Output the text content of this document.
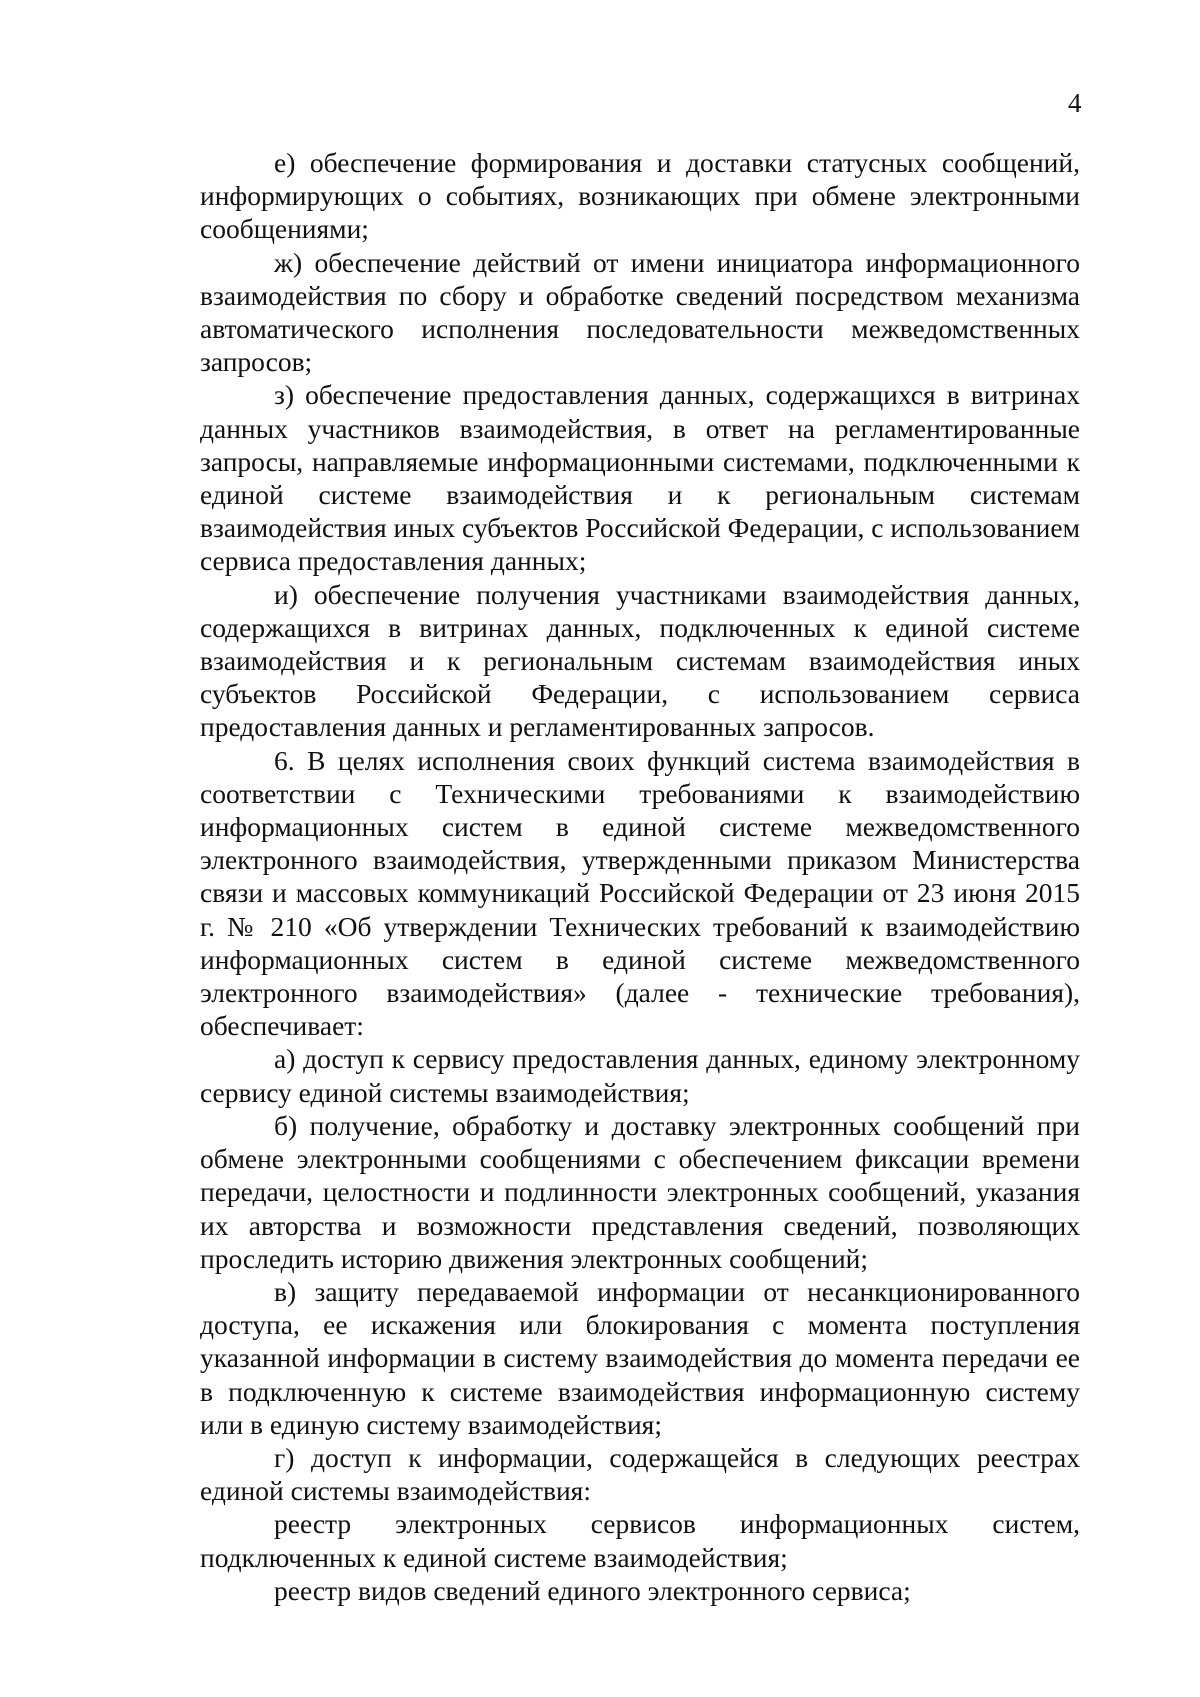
4

е) обеспечение формирования и доставки статусных сообщений, информирующих о событиях, возникающих при обмене электронными сообщениями;

ж) обеспечение действий от имени инициатора информационного взаимодействия по сбору и обработке сведений посредством механизма автоматического исполнения последовательности межведомственных запросов;

з) обеспечение предоставления данных, содержащихся в витринах данных участников взаимодействия, в ответ на регламентированные запросы, направляемые информационными системами, подключенными к единой системе взаимодействия и к региональным системам взаимодействия иных субъектов Российской Федерации, с использованием сервиса предоставления данных;

и) обеспечение получения участниками взаимодействия данных, содержащихся в витринах данных, подключенных к единой системе взаимодействия и к региональным системам взаимодействия иных субъектов Российской Федерации, с использованием сервиса предоставления данных и регламентированных запросов.

6. В целях исполнения своих функций система взаимодействия в соответствии с Техническими требованиями к взаимодействию информационных систем в единой системе межведомственного электронного взаимодействия, утвержденными приказом Министерства связи и массовых коммуникаций Российской Федерации от 23 июня 2015 г. № 210 «Об утверждении Технических требований к взаимодействию информационных систем в единой системе межведомственного электронного взаимодействия» (далее - технические требования), обеспечивает:

а) доступ к сервису предоставления данных, единому электронному сервису единой системы взаимодействия;

б) получение, обработку и доставку электронных сообщений при обмене электронными сообщениями с обеспечением фиксации времени передачи, целостности и подлинности электронных сообщений, указания их авторства и возможности представления сведений, позволяющих проследить историю движения электронных сообщений;

в) защиту передаваемой информации от несанкционированного доступа, ее искажения или блокирования с момента поступления указанной информации в систему взаимодействия до момента передачи ее в подключенную к системе взаимодействия информационную систему или в единую систему взаимодействия;

г) доступ к информации, содержащейся в следующих реестрах единой системы взаимодействия:

реестр электронных сервисов информационных систем, подключенных к единой системе взаимодействия;

реестр видов сведений единого электронного сервиса;
